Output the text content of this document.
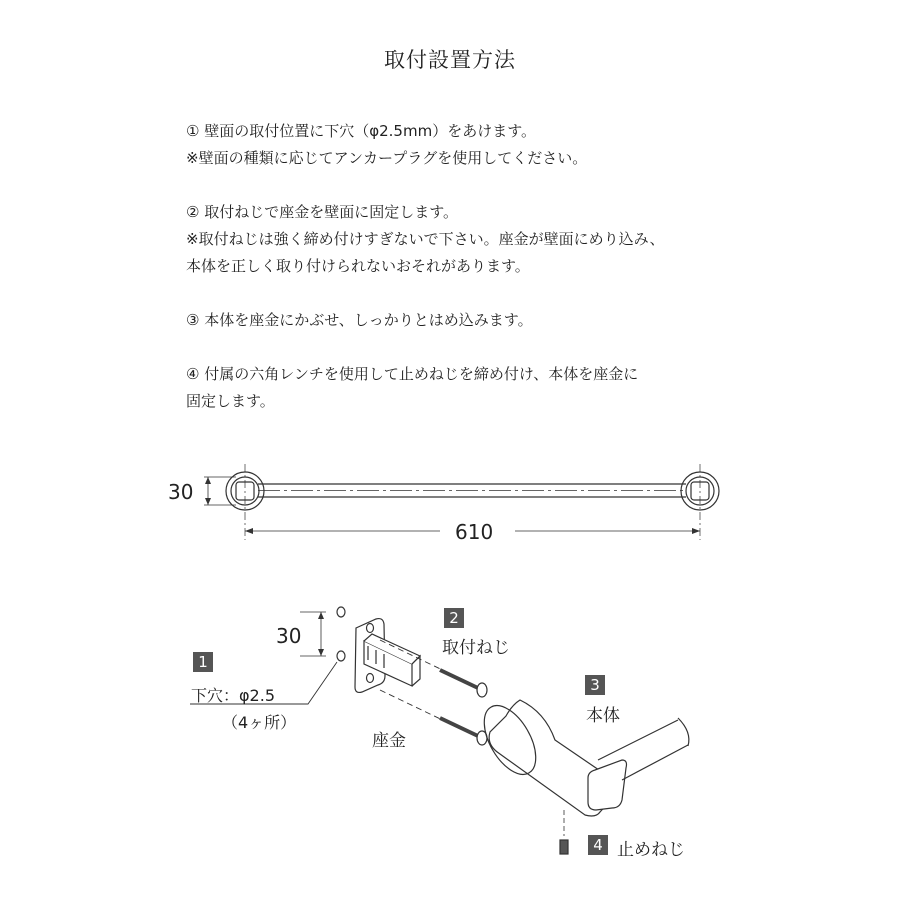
取付設置方法

① 壁面の取付位置に下穴（φ2.5mm）をあけます。

※壁面の種類に応じてアンカープラグを使用してください。

② 取付ねじで座金を壁面に固定します。

※取付ねじは強く締め付けすぎないで下さい。座金が壁面にめり込み、

本体を正しく取り付けられないおそれがあります。

③ 本体を座金にかぶせ、しっかりとはめ込みます。

④ 付属の六角レンチを使用して止めねじを締め付け、本体を座金に

固定します。

30
610
30
1
下穴：φ2.5
（4ヶ所）
2
取付ねじ
3
本体
座金
4 止めねじ
